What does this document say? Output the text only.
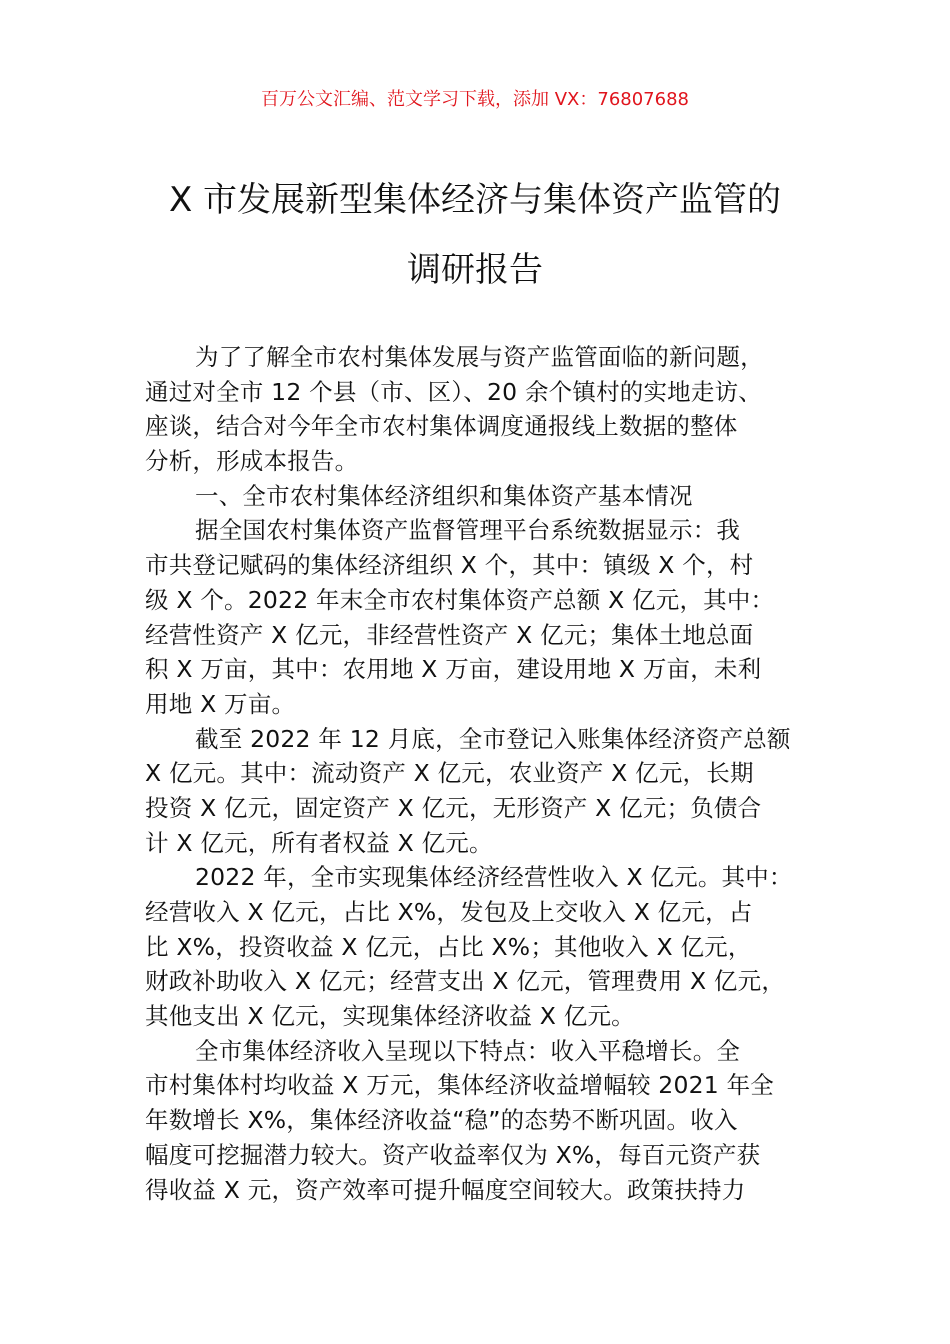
百万公文汇编、范文学习下载，添加 VX：76807688
X 市发展新型集体经济与集体资产监管的
调研报告
为了了解全市农村集体发展与资产监管面临的新问题，
通过对全市 12 个县（市、区）、20 余个镇村的实地走访、
座谈，结合对今年全市农村集体调度通报线上数据的整体
分析，形成本报告。
一、全市农村集体经济组织和集体资产基本情况
据全国农村集体资产监督管理平台系统数据显示：我
市共登记赋码的集体经济组织 X 个，其中：镇级 X 个，村
级 X 个。2022 年末全市农村集体资产总额 X 亿元，其中：
经营性资产 X 亿元，非经营性资产 X 亿元；集体土地总面
积 X 万亩，其中：农用地 X 万亩，建设用地 X 万亩，未利
用地 X 万亩。
截至 2022 年 12 月底，全市登记入账集体经济资产总额
X 亿元。其中：流动资产 X 亿元，农业资产 X 亿元，长期
投资 X 亿元，固定资产 X 亿元，无形资产 X 亿元；负债合
计 X 亿元，所有者权益 X 亿元。
2022 年，全市实现集体经济经营性收入 X 亿元。其中：
经营收入 X 亿元，占比 X%，发包及上交收入 X 亿元，占
比 X%，投资收益 X 亿元，占比 X%；其他收入 X 亿元，
财政补助收入 X 亿元；经营支出 X 亿元，管理费用 X 亿元，
其他支出 X 亿元，实现集体经济收益 X 亿元。
全市集体经济收入呈现以下特点：收入平稳增长。全
市村集体村均收益 X 万元，集体经济收益增幅较 2021 年全
年数增长 X%，集体经济收益“稳”的态势不断巩固。收入
幅度可挖掘潜力较大。资产收益率仅为 X%，每百元资产获
得收益 X 元，资产效率可提升幅度空间较大。政策扶持力
